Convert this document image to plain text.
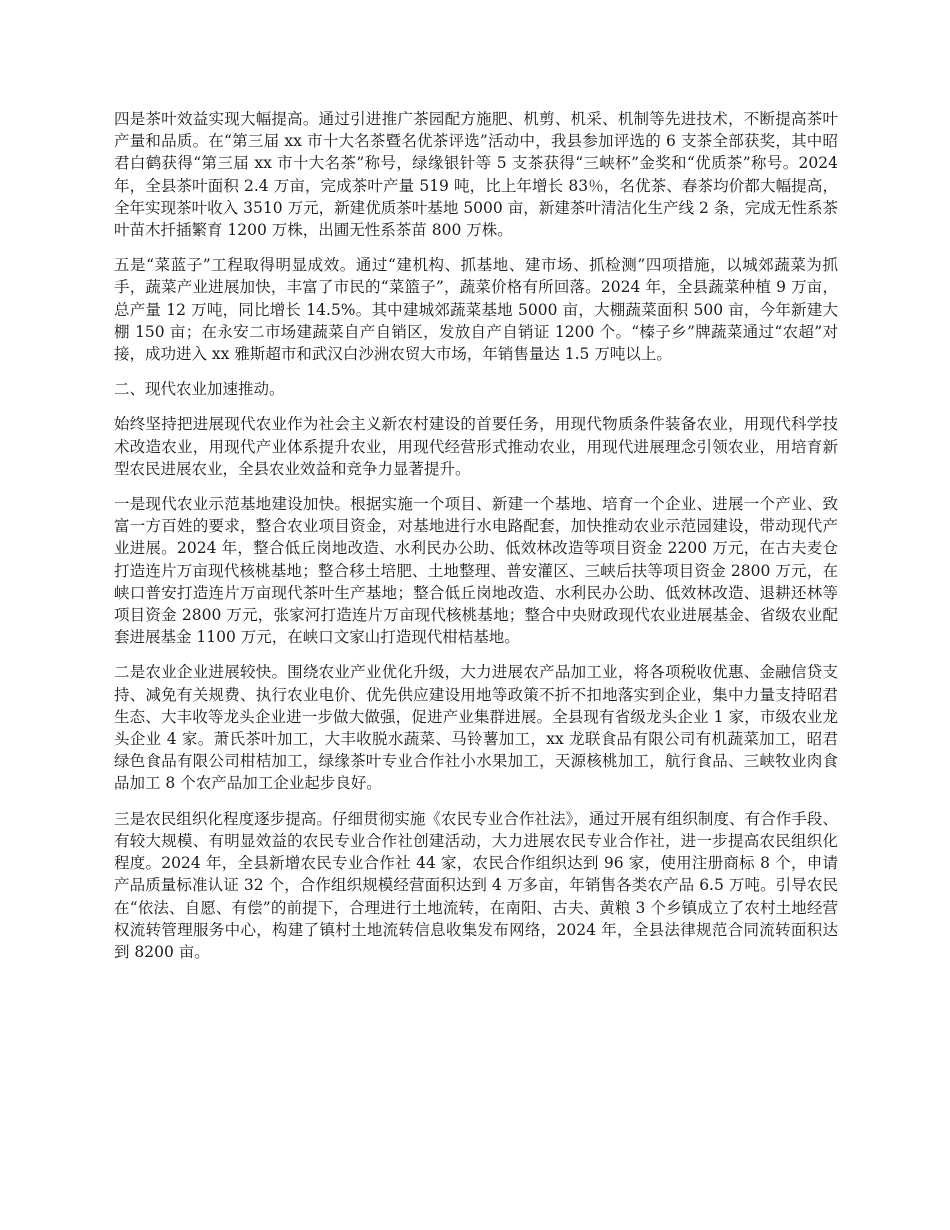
四是茶叶效益实现大幅提高。通过引进推广茶园配方施肥、机剪、机采、机制等先进技术，不断提高茶叶产量和品质。在“第三届 xx 市十大名茶暨名优茶评选”活动中，我县参加评选的 6 支茶全部获奖，其中昭君白鹤获得“第三届 xx 市十大名茶”称号，绿缘银针等 5 支茶获得“三峡杯”金奖和“优质茶”称号。2024 年，全县茶叶面积 2.4 万亩，完成茶叶产量 519 吨，比上年增长 83％，名优茶、春茶均价都大幅提高，全年实现茶叶收入 3510 万元，新建优质茶叶基地 5000 亩，新建茶叶清洁化生产线 2 条，完成无性系茶叶苗木扦插繁育 1200 万株，出圃无性系茶苗 800 万株。

五是“菜蓝子”工程取得明显成效。通过“建机构、抓基地、建市场、抓检测”四项措施，以城郊蔬菜为抓手，蔬菜产业进展加快，丰富了市民的“菜篮子”，蔬菜价格有所回落。2024 年，全县蔬菜种植 9 万亩，总产量 12 万吨，同比增长 14.5%。其中建城郊蔬菜基地 5000 亩，大棚蔬菜面积 500 亩，今年新建大棚 150 亩；在永安二市场建蔬菜自产自销区，发放自产自销证 1200 个。“榛子乡”牌蔬菜通过“农超”对接，成功进入 xx 雅斯超市和武汉白沙洲农贸大市场，年销售量达 1.5 万吨以上。

二、现代农业加速推动。

始终坚持把进展现代农业作为社会主义新农村建设的首要任务，用现代物质条件装备农业，用现代科学技术改造农业，用现代产业体系提升农业，用现代经营形式推动农业，用现代进展理念引领农业，用培育新型农民进展农业，全县农业效益和竞争力显著提升。

一是现代农业示范基地建设加快。根据实施一个项目、新建一个基地、培育一个企业、进展一个产业、致富一方百姓的要求，整合农业项目资金，对基地进行水电路配套，加快推动农业示范园建设，带动现代产业进展。2024 年，整合低丘岗地改造、水利民办公助、低效林改造等项目资金 2200 万元，在古夫麦仓打造连片万亩现代核桃基地；整合移土培肥、土地整理、普安灌区、三峡后扶等项目资金 2800 万元，在峡口普安打造连片万亩现代茶叶生产基地；整合低丘岗地改造、水利民办公助、低效林改造、退耕还林等项目资金 2800 万元，张家河打造连片万亩现代核桃基地；整合中央财政现代农业进展基金、省级农业配套进展基金 1100 万元，在峡口文家山打造现代柑桔基地。

二是农业企业进展较快。围绕农业产业优化升级，大力进展农产品加工业，将各项税收优惠、金融信贷支持、减免有关规费、执行农业电价、优先供应建设用地等政策不折不扣地落实到企业，集中力量支持昭君生态、大丰收等龙头企业进一步做大做强，促进产业集群进展。全县现有省级龙头企业 1 家，市级农业龙头企业 4 家。萧氏茶叶加工，大丰收脱水蔬菜、马铃薯加工，xx 龙联食品有限公司有机蔬菜加工，昭君绿色食品有限公司柑桔加工，绿缘茶叶专业合作社小水果加工，天源核桃加工，航行食品、三峡牧业肉食品加工 8 个农产品加工企业起步良好。

三是农民组织化程度逐步提高。仔细贯彻实施《农民专业合作社法》，通过开展有组织制度、有合作手段、有较大规模、有明显效益的农民专业合作社创建活动，大力进展农民专业合作社，进一步提高农民组织化程度。2024 年，全县新增农民专业合作社 44 家，农民合作组织达到 96 家，使用注册商标 8 个，申请产品质量标准认证 32 个，合作组织规模经营面积达到 4 万多亩，年销售各类农产品 6.5 万吨。引导农民在“依法、自愿、有偿”的前提下，合理进行土地流转，在南阳、古夫、黄粮 3 个乡镇成立了农村土地经营权流转管理服务中心，构建了镇村土地流转信息收集发布网络，2024 年，全县法律规范合同流转面积达到 8200 亩。
